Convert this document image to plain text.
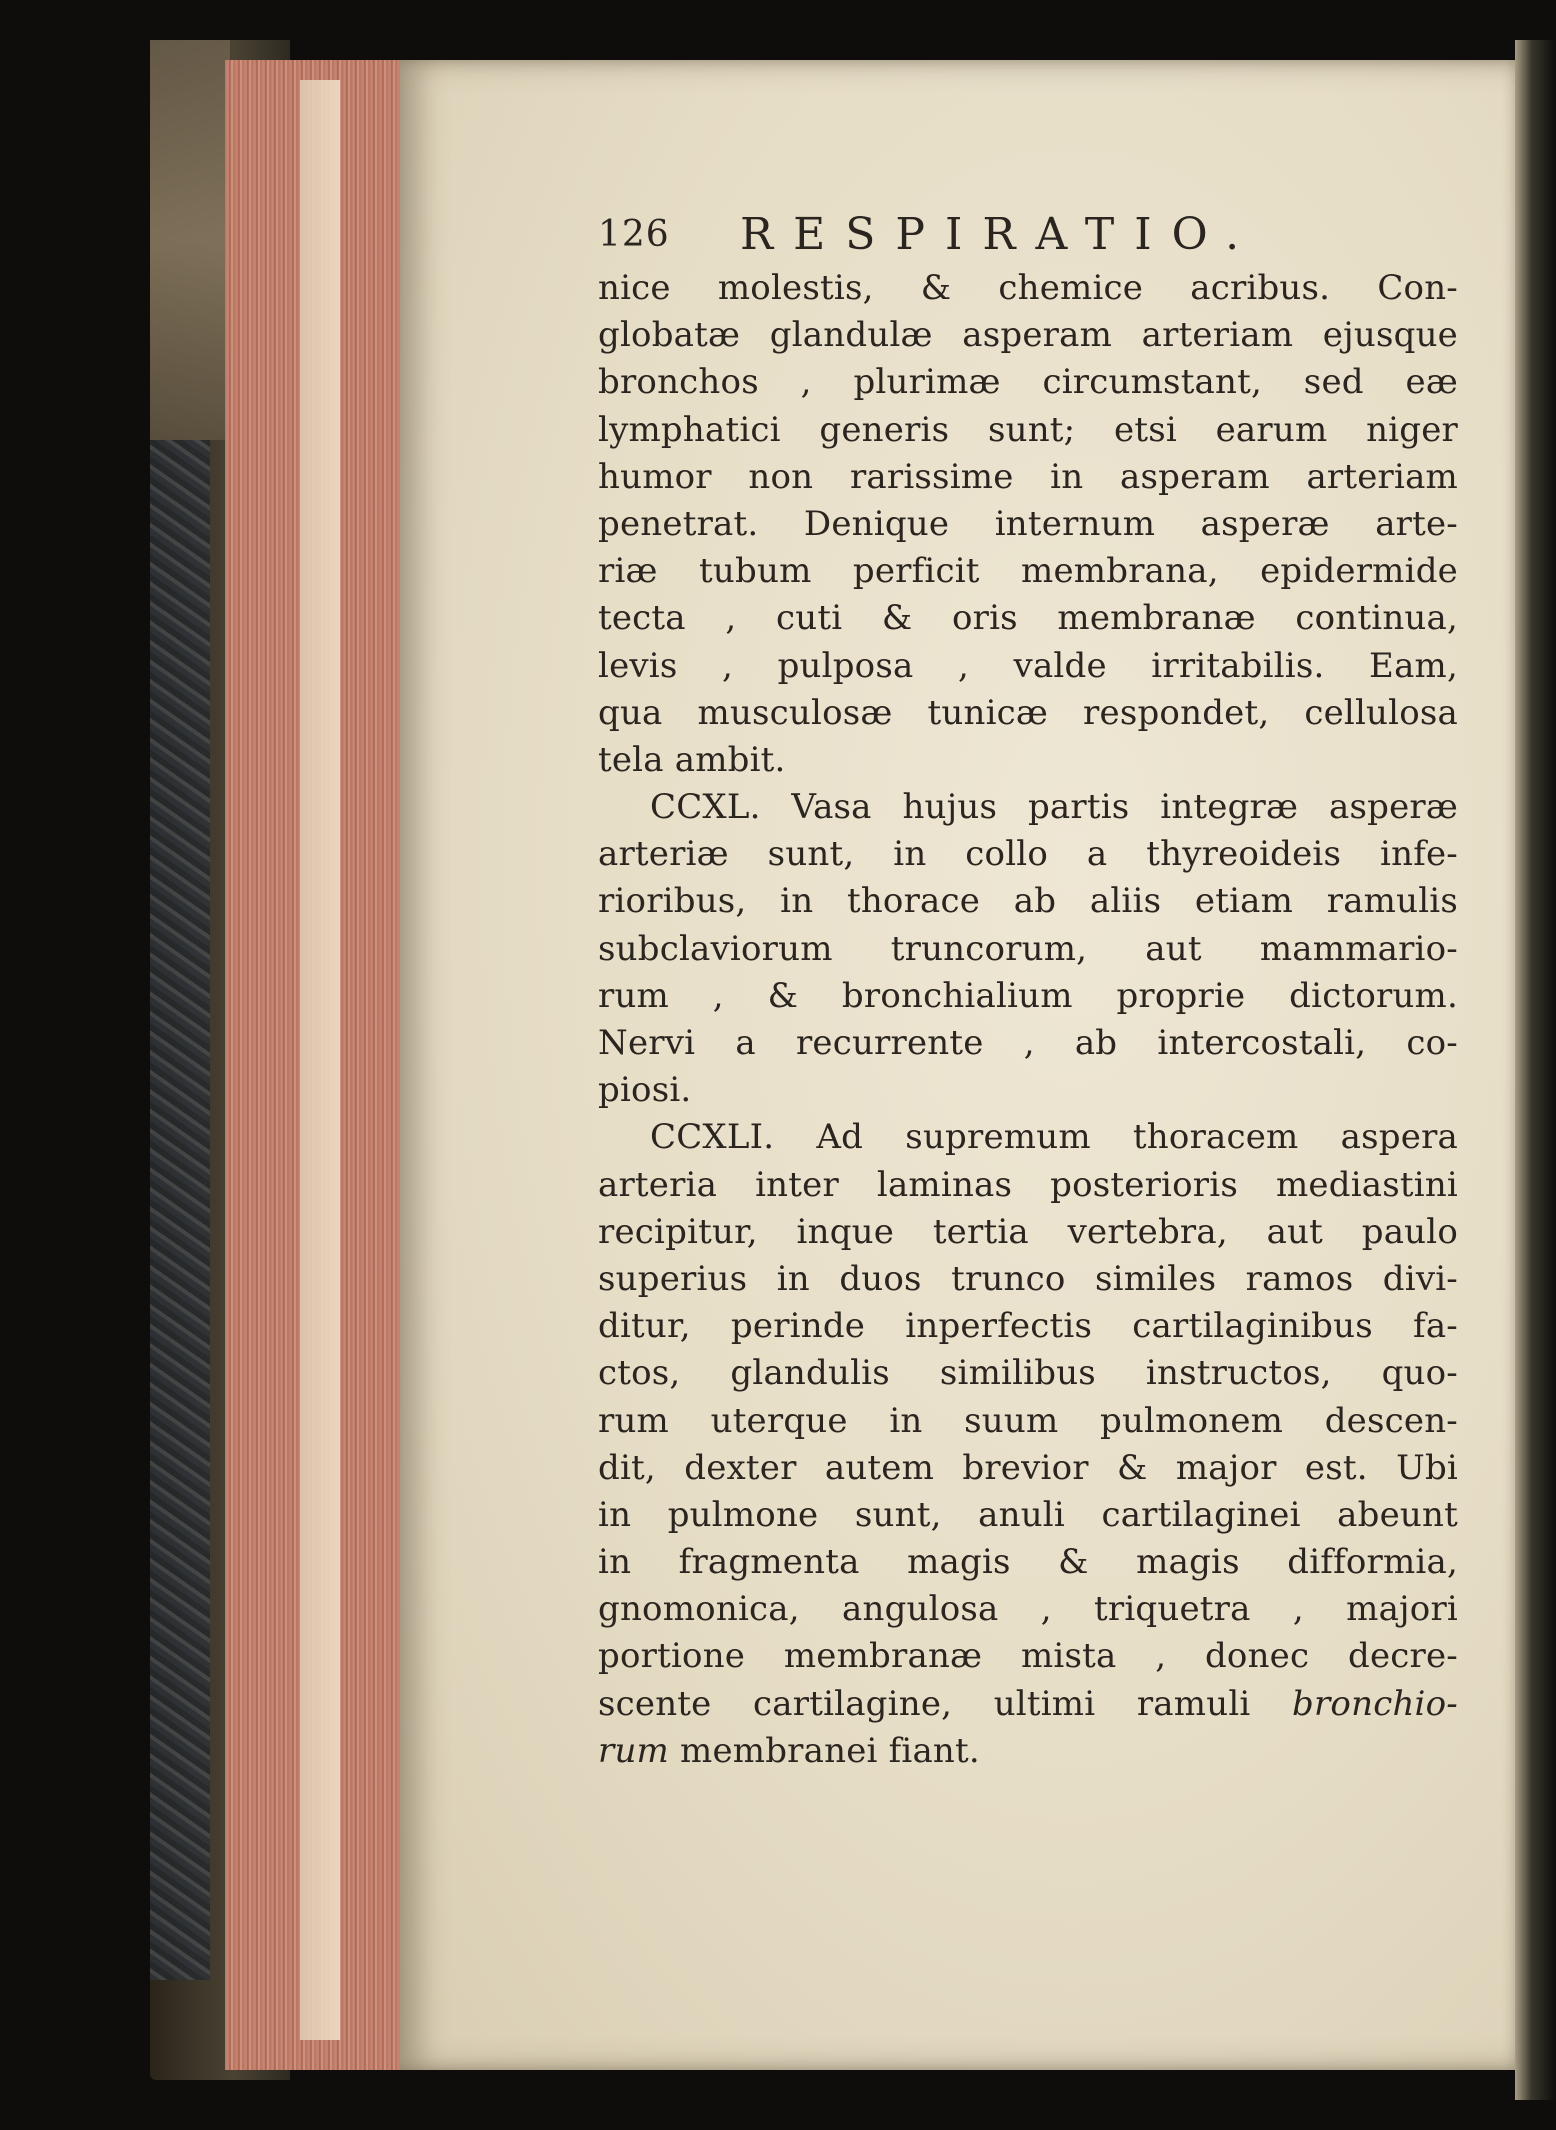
126 RESPIRATIO.
nice molestis, & chemice acribus. Con-
globatæ glandulæ asperam arteriam ejusque
bronchos , plurimæ circumstant, sed eæ
lymphatici generis sunt; etsi earum niger
humor non rarissime in asperam arteriam
penetrat. Denique internum asperæ arte-
riæ tubum perficit membrana, epidermide
tecta , cuti & oris membranæ continua,
levis , pulposa , valde irritabilis. Eam,
qua musculosæ tunicæ respondet, cellulosa
tela ambit.
CCXL. Vasa hujus partis integræ asperæ
arteriæ sunt, in collo a thyreoideis infe-
rioribus, in thorace ab aliis etiam ramulis
subclaviorum truncorum, aut mammario-
rum , & bronchialium proprie dictorum.
Nervi a recurrente , ab intercostali, co-
piosi.
CCXLI. Ad supremum thoracem aspera
arteria inter laminas posterioris mediastini
recipitur, inque tertia vertebra, aut paulo
superius in duos trunco similes ramos divi-
ditur, perinde inperfectis cartilaginibus fa-
ctos, glandulis similibus instructos, quo-
rum uterque in suum pulmonem descen-
dit, dexter autem brevior & major est. Ubi
in pulmone sunt, anuli cartilaginei abeunt
in fragmenta magis & magis difformia,
gnomonica, angulosa , triquetra , majori
portione membranæ mista , donec decre-
scente cartilagine, ultimi ramuli bronchio-
rum membranei fiant.
